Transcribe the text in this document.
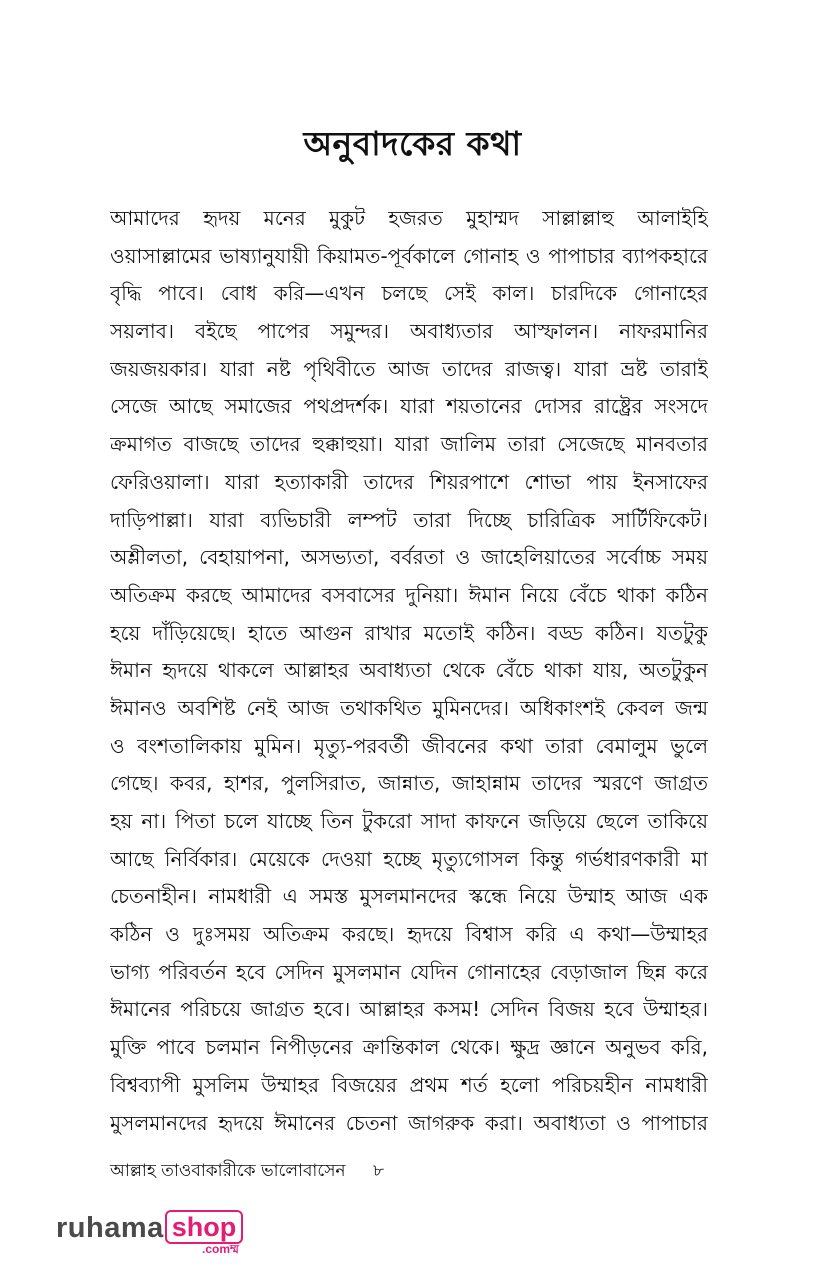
অনুবাদকের কথা
আমাদের হৃদয় মনের মুকুট হজরত মুহাম্মদ সাল্লাল্লাহু আলাইহি
ওয়াসাল্লামের ভাষ্যানুযায়ী কিয়ামত-পূর্বকালে গোনাহ ও পাপাচার ব্যাপকহারে
বৃদ্ধি পাবে। বোধ করি—এখন চলছে সেই কাল। চারদিকে গোনাহের
সয়লাব। বইছে পাপের সমুন্দর। অবাধ্যতার আস্ফালন। নাফরমানির
জয়জয়কার। যারা নষ্ট পৃথিবীতে আজ তাদের রাজত্ব। যারা ভ্রষ্ট তারাই
সেজে আছে সমাজের পথপ্রদর্শক। যারা শয়তানের দোসর রাষ্ট্রের সংসদে
ক্রমাগত বাজছে তাদের হুক্কাহুয়া। যারা জালিম তারা সেজেছে মানবতার
ফেরিওয়ালা। যারা হত্যাকারী তাদের শিয়রপাশে শোভা পায় ইনসাফের
দাড়িপাল্লা। যারা ব্যভিচারী লম্পট তারা দিচ্ছে চারিত্রিক সার্টিফিকেট।
অশ্লীলতা, বেহায়াপনা, অসভ্যতা, বর্বরতা ও জাহেলিয়াতের সর্বোচ্চ সময়
অতিক্রম করছে আমাদের বসবাসের দুনিয়া। ঈমান নিয়ে বেঁচে থাকা কঠিন
হয়ে দাঁড়িয়েছে। হাতে আগুন রাখার মতোই কঠিন। বড্ড কঠিন। যতটুকু
ঈমান হৃদয়ে থাকলে আল্লাহর অবাধ্যতা থেকে বেঁচে থাকা যায়, অতটুকুন
ঈমানও অবশিষ্ট নেই আজ তথাকথিত মুমিনদের। অধিকাংশই কেবল জন্ম
ও বংশতালিকায় মুমিন। মৃত্যু-পরবর্তী জীবনের কথা তারা বেমালুম ভুলে
গেছে। কবর, হাশর, পুলসিরাত, জান্নাত, জাহান্নাম তাদের স্মরণে জাগ্রত
হয় না। পিতা চলে যাচ্ছে তিন টুকরো সাদা কাফনে জড়িয়ে ছেলে তাকিয়ে
আছে নির্বিকার। মেয়েকে দেওয়া হচ্ছে মৃত্যুগোসল কিন্তু গর্ভধারণকারী মা
চেতনাহীন। নামধারী এ সমস্ত মুসলমানদের স্কন্ধে নিয়ে উম্মাহ আজ এক
কঠিন ও দুঃসময় অতিক্রম করছে। হৃদয়ে বিশ্বাস করি এ কথা—উম্মাহর
ভাগ্য পরিবর্তন হবে সেদিন মুসলমান যেদিন গোনাহের বেড়াজাল ছিন্ন করে
ঈমানের পরিচয়ে জাগ্রত হবে। আল্লাহর কসম! সেদিন বিজয় হবে উম্মাহর।
মুক্তি পাবে চলমান নিপীড়নের ক্রান্তিকাল থেকে। ক্ষুদ্র জ্ঞানে অনুভব করি,
বিশ্বব্যাপী মুসলিম উম্মাহর বিজয়ের প্রথম শর্ত হলো পরিচয়হীন নামধারী
মুসলমানদের হৃদয়ে ঈমানের চেতনা জাগরুক করা। অবাধ্যতা ও পাপাচার
আল্লাহ তাওবাকারীকে ভালোবাসেন ৮
ruhama shop
.comম্ম
